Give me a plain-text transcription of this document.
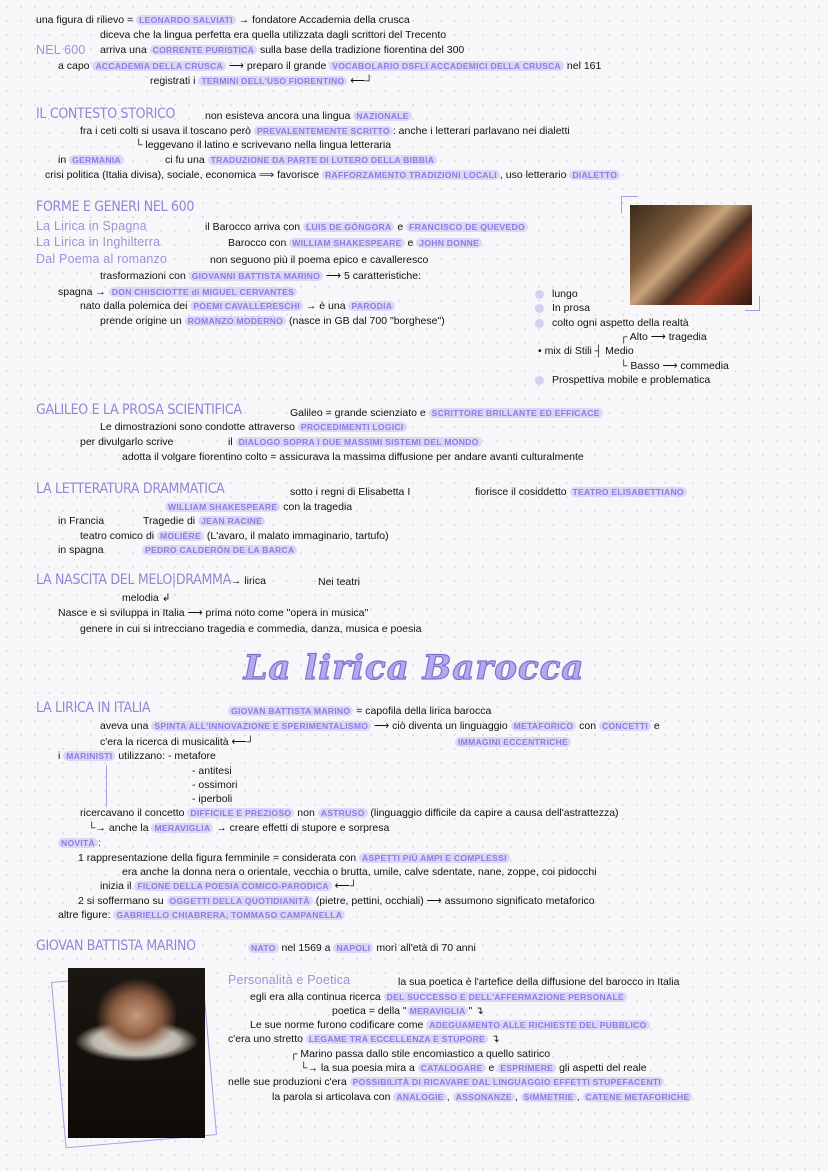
una figura di rilievo = LEONARDO SALVIATI → fondatore Accademia della crusca
diceva che la lingua perfetta era quella utilizzata dagli scrittori del Trecento
NEL 600 arriva una CORRENTE PURISTICA sulla base della tradizione fiorentina del 300
a capo ACCADEMIA DELLA CRUSCA ⟶ preparo il grande VOCABOLARIO DSFLI ACCADEMICI DELLA CRUSCA nel 161
registrati i TERMINI DELL'USO FIORENTINO ⟵┘
IL CONTESTO STORICO	non esisteva ancora una lingua NAZIONALE
fra i ceti colti si usava il toscano però PREVALENTEMENTE SCRITTO : anche i letterari parlavano nei dialetti
└ leggevano il latino e scrivevano nella lingua letteraria
in GERMANIA	ci fu una TRADUZIONE DA PARTE DI LUTERO DELLA BIBBIA
crisi politica (Italia divisa), sociale, economica ⟹ favorisce RAFFORZAMENTO TRADIZIONI LOCALI , uso letterario DIALETTO
FORME E GENERI NEL 600
La Lirica in Spagna	il Barocco arriva con LUIS DE GÓNGORA e FRANCISCO DE QUEVEDO
La Lirica in Inghilterra	Barocco con WILLIAM SHAKESPEARE e JOHN DONNE
Dal Poema al romanzo	non seguono più il poema epico e cavalleresco
trasformazioni con GIOVANNI BATTISTA MARINO ⟶ 5 caratteristiche:
spagna → DON CHISCIOTTE di MIGUEL CERVANTES
nato dalla polemica dei POEMI CAVALLERESCHI → è una PARODIA
prende origine un ROMANZO MODERNO (nasce in GB dal 700 "borghese")
lungo
In prosa
colto ogni aspetto della realtà
┌ Alto ⟶ tragedia
• mix di Stili ┤ Medio
└ Basso ⟶ commedia
Prospettiva mobile e problematica
GALILEO E LA PROSA SCIENTIFICA	Galileo = grande scienziato e SCRITTORE BRILLANTE ED EFFICACE
Le dimostrazioni sono condotte attraverso PROCEDIMENTI LOGICI
per divulgarlo scrive	il DIALOGO SOPRA I DUE MASSIMI SISTEMI DEL MONDO
adotta il volgare fiorentino colto = assicurava la massima diffusione per andare avanti culturalmente
LA LETTERATURA DRAMMATICA	sotto i regni di Elisabetta I	fiorisce il cosiddetto TEATRO ELISABETTIANO
WILLIAM SHAKESPEARE con la tragedia
in Francia	Tragedie di JEAN RACINE
teatro comico di MOLIÈRE (L'avaro, il malato immaginario, tartufo)
in spagna	PEDRO CALDERÓN DE LA BARCA
LA NASCITA DEL MELO|DRAMMA→ lirica	Nei teatri
melodia ↲
Nasce e si sviluppa in Italia ⟶ prima noto come "opera in musica"
genere in cui si intrecciano tragedia e commedia, danza, musica e poesia
LA LIRICA IN ITALIA	GIOVAN BATTISTA MARINO = capofila della lirica barocca
aveva una SPINTA ALL'INNOVAZIONE E SPERIMENTALISMO ⟶ ciò diventa un linguaggio METAFORICO con CONCETTI e
c'era la ricerca di musicalità ⟵┘	IMMAGINI ECCENTRICHE
i MARINISTI utilizzano: - metafore
- antitesi
- ossimori
- iperboli
ricercavano il concetto DIFFICILE E PREZIOSO non ASTRUSO (linguaggio difficile da capire a causa dell'astrattezza)
└→ anche la MERAVIGLIA → creare effetti di stupore e sorpresa
NOVITÀ :
1 rappresentazione della figura femminile = considerata con ASPETTI PIÙ AMPI E COMPLESSI
era anche la donna nera o orientale, vecchia o brutta, umile, calve sdentate, nane, zoppe, coi pidocchi
inizia il FILONE DELLA POESIA COMICO-PARODICA ⟵┘
2 si soffermano su OGGETTI DELLA QUOTIDIANITÀ (pietre, pettini, occhiali) ⟶ assumono significato metaforico
altre figure: GABRIELLO CHIABRERA, TOMMASO CAMPANELLA
GIOVAN BATTISTA MARINO	NATO nel 1569 a NAPOLI morì all'età di 70 anni
Personalità e Poetica	la sua poetica è l'artefice della diffusione del barocco in Italia
egli era alla continua ricerca DEL SUCCESSO E DELL'AFFERMAZIONE PERSONALE
poetica = della " MERAVIGLIA " ↴
Le sue norme furono codificare come ADEGUAMENTO ALLE RICHIESTE DEL PUBBLICO
c'era uno stretto LEGAME TRA ECCELLENZA E STUPORE ↴
┌ Marino passa dallo stile encomiastico a quello satirico
└→ la sua poesia mira a CATALOGARE e ESPRIMERE gli aspetti del reale
nelle sue produzioni c'era POSSIBILITÀ DI RICAVARE DAL LINGUAGGIO EFFETTI STUPEFACENTI
la parola si articolava con ANALOGIE , ASSONANZE , SIMMETRIE , CATENE METAFORICHE
La lirica Barocca
